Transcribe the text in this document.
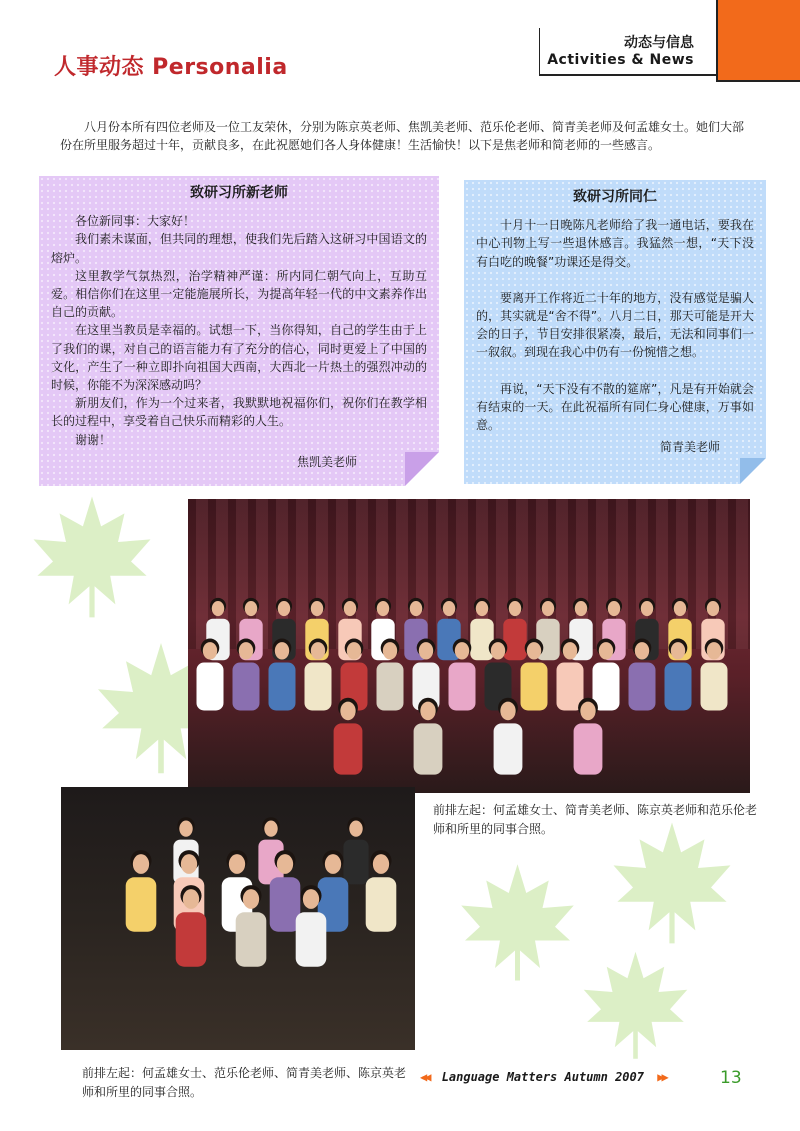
人事动态 Personalia
动态与信息
Activities & News
八月份本所有四位老师及一位工友荣休，分别为陈京英老师、焦凯美老师、范乐伦老师、简青美老师及何孟雄女士。她们大部份在所里服务超过十年，贡献良多，在此祝愿她们各人身体健康！生活愉快！以下是焦老师和简老师的一些感言。
致研习所新老师

各位新同事：大家好！

我们素未谋面，但共同的理想，使我们先后踏入这研习中国语文的熔炉。

这里教学气氛热烈，治学精神严谨：所内同仁朝气向上，互助互爱。相信你们在这里一定能施展所长，为提高年轻一代的中文素养作出自己的贡献。

在这里当教员是幸福的。试想一下，当你得知，自己的学生由于上了我们的课，对自己的语言能力有了充分的信心，同时更爱上了中国的文化，产生了一种立即扑向祖国大西南，大西北一片热土的强烈冲动的时候，你能不为深深感动吗？

新朋友们，作为一个过来者，我默默地祝福你们，祝你们在教学相长的过程中，享受着自己快乐而精彩的人生。

谢谢！

焦凯美老师
致研习所同仁

十月十一日晚陈凡老师给了我一通电话，要我在中心刊物上写一些退休感言。我猛然一想，“天下没有白吃的晚餐”功课还是得交。

要离开工作将近二十年的地方，没有感觉是骗人的，其实就是“舍不得”。八月二日，那天可能是开大会的日子，节目安排很紧凑，最后，无法和同事们一一叙叙。到现在我心中仍有一份惋惜之想。

再说，“天下没有不散的筵席”，凡是有开始就会有结束的一天。在此祝福所有同仁身心健康，万事如意。

简青美老师
前排左起：何孟雄女士、简青美老师、陈京英老师和范乐伦老师和所里的同事合照。
前排左起：何孟雄女士、范乐伦老师、简青美老师、陈京英老师和所里的同事合照。
◀◀ Language Matters Autumn 2007 ▶▶	13
